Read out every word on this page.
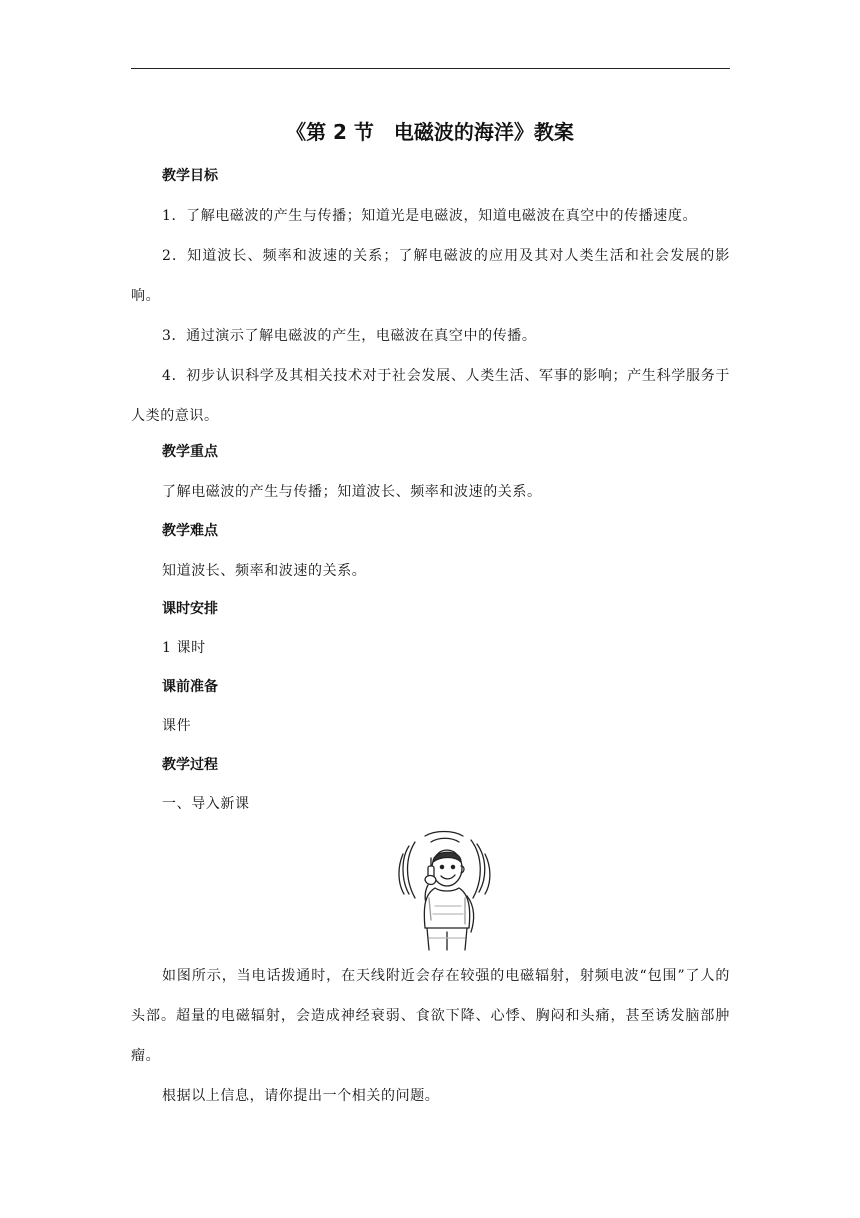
《第 2 节　电磁波的海洋》教案
教学目标
1．了解电磁波的产生与传播；知道光是电磁波，知道电磁波在真空中的传播速度。
2．知道波长、频率和波速的关系；了解电磁波的应用及其对人类生活和社会发展的影响。
3．通过演示了解电磁波的产生，电磁波在真空中的传播。
4．初步认识科学及其相关技术对于社会发展、人类生活、军事的影响；产生科学服务于人类的意识。
教学重点
了解电磁波的产生与传播；知道波长、频率和波速的关系。
教学难点
知道波长、频率和波速的关系。
课时安排
1 课时
课前准备
课件
教学过程
一、导入新课
如图所示，当电话拨通时，在天线附近会存在较强的电磁辐射，射频电波“包围”了人的头部。超量的电磁辐射，会造成神经衰弱、食欲下降、心悸、胸闷和头痛，甚至诱发脑部肿瘤。
根据以上信息，请你提出一个相关的问题。
